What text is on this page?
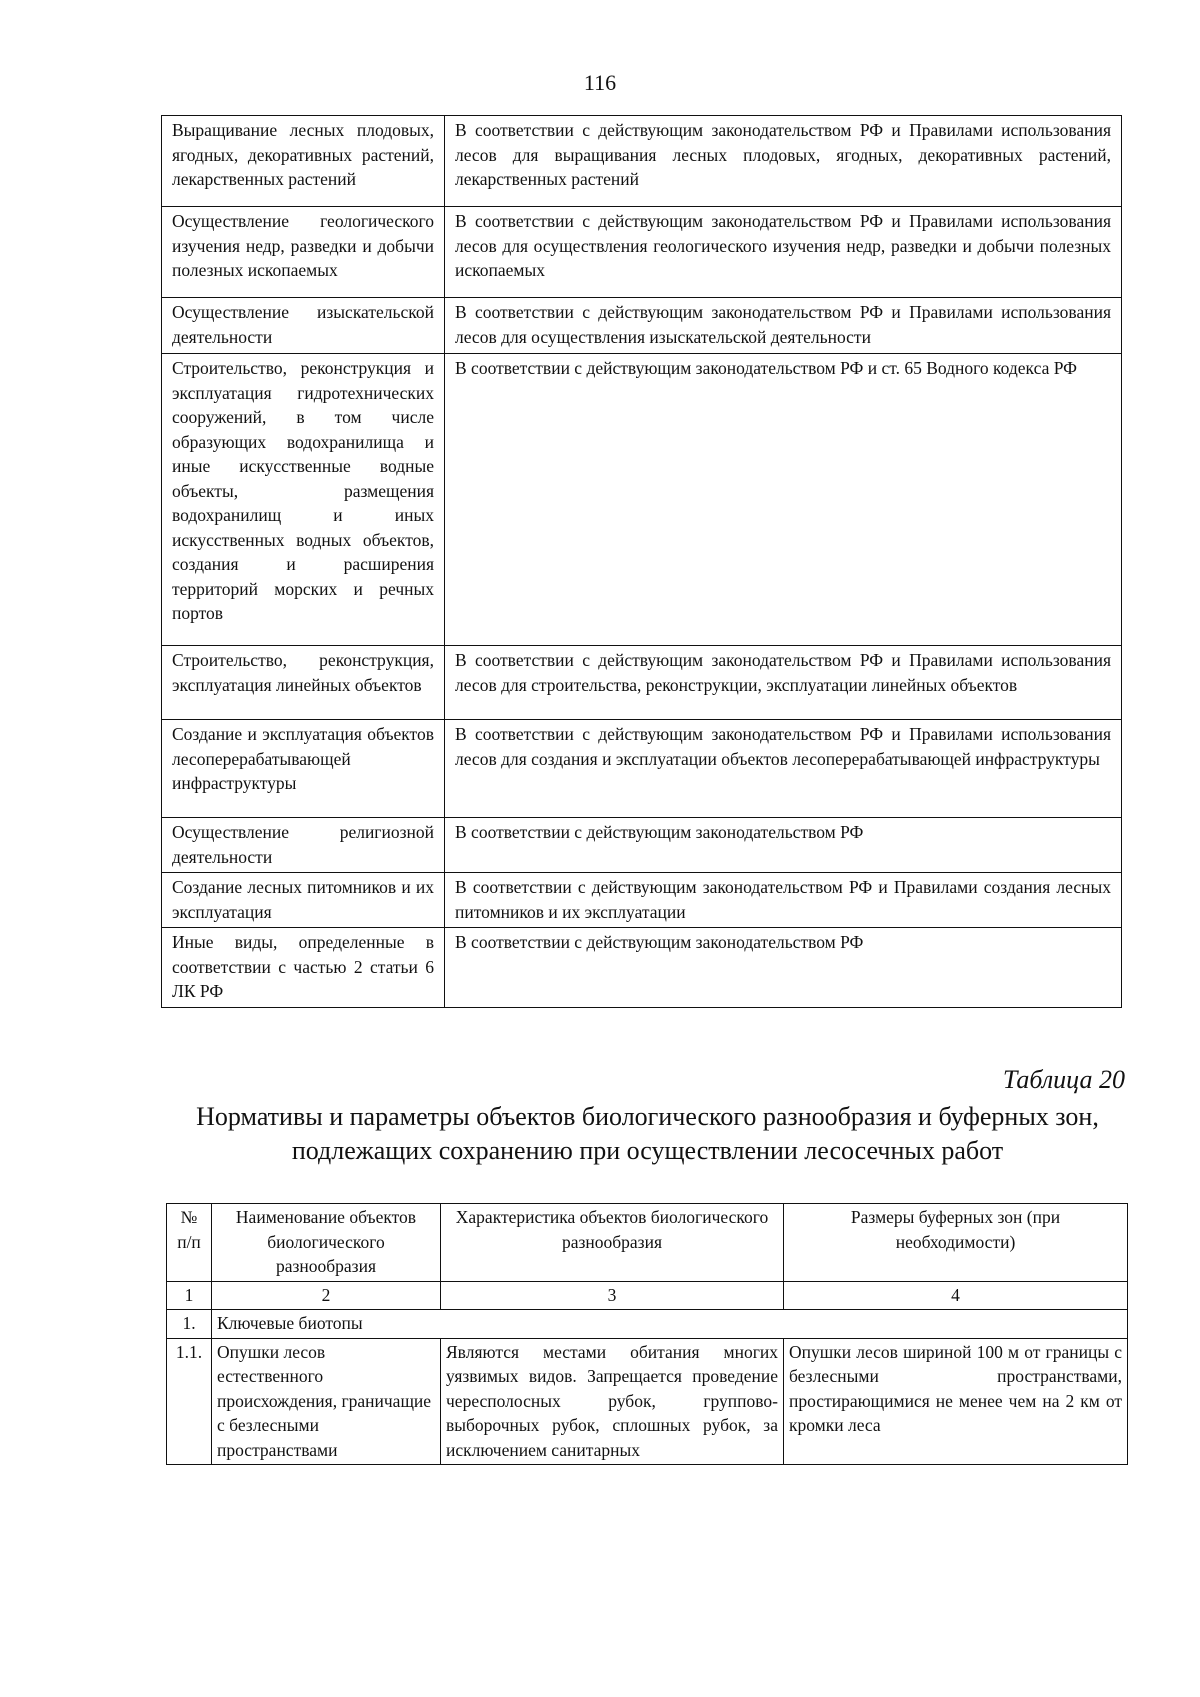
116
Выращивание лесных плодовых, ягодных, декоративных растений, лекарственных растений	В соответствии с действующим законодательством РФ и Правилами использования лесов для выращивания лесных плодовых, ягодных, декоративных растений, лекарственных растений
Осуществление геологического изучения недр, разведки и добычи полезных ископаемых	В соответствии с действующим законодательством РФ и Правилами использования лесов для осуществления геологического изучения недр, разведки и добычи полезных ископаемых
Осуществление изыскательской деятельности	В соответствии с действующим законодательством РФ и Правилами использования лесов для осуществления изыскательской деятельности
Строительство, реконструкция и эксплуатация гидротехнических сооружений, в том числе образующих водохранилища и иные искусственные водные объекты, размещения водохранилищ и иных искусственных водных объектов, создания и расширения территорий морских и речных портов	В соответствии с действующим законодательством РФ и ст. 65 Водного кодекса РФ
Строительство, реконструкция, эксплуатация линейных объектов	В соответствии с действующим законодательством РФ и Правилами использования лесов для строительства, реконструкции, эксплуатации линейных объектов
Создание и эксплуатация объектов лесоперерабатывающей инфраструктуры	В соответствии с действующим законодательством РФ и Правилами использования лесов для создания и эксплуатации объектов лесоперерабатывающей инфраструктуры
Осуществление религиозной деятельности	В соответствии с действующим законодательством РФ
Создание лесных питомников и их эксплуатация	В соответствии с действующим законодательством РФ и Правилами создания лесных питомников и их эксплуатации
Иные виды, определенные в соответствии с частью 2 статьи 6 ЛК РФ	В соответствии с действующим законодательством РФ
Таблица 20
Нормативы и параметры объектов биологического разнообразия и буферных зон, подлежащих сохранению при осуществлении лесосечных работ
№ п/п	Наименование объектов биологического разнообразия	Характеристика объектов биологического разнообразия	Размеры буферных зон (при необходимости)
1	2	3	4
1.	Ключевые биотопы		
1.1.	Опушки лесов естественного происхождения, граничащие с безлесными пространствами	Являются местами обитания многих уязвимых видов. Запрещается проведение чересполосных рубок, группово-выборочных рубок, сплошных рубок, за исключением санитарных	Опушки лесов шириной 100 м от границы с безлесными пространствами, простирающимися не менее чем на 2 км от кромки леса
